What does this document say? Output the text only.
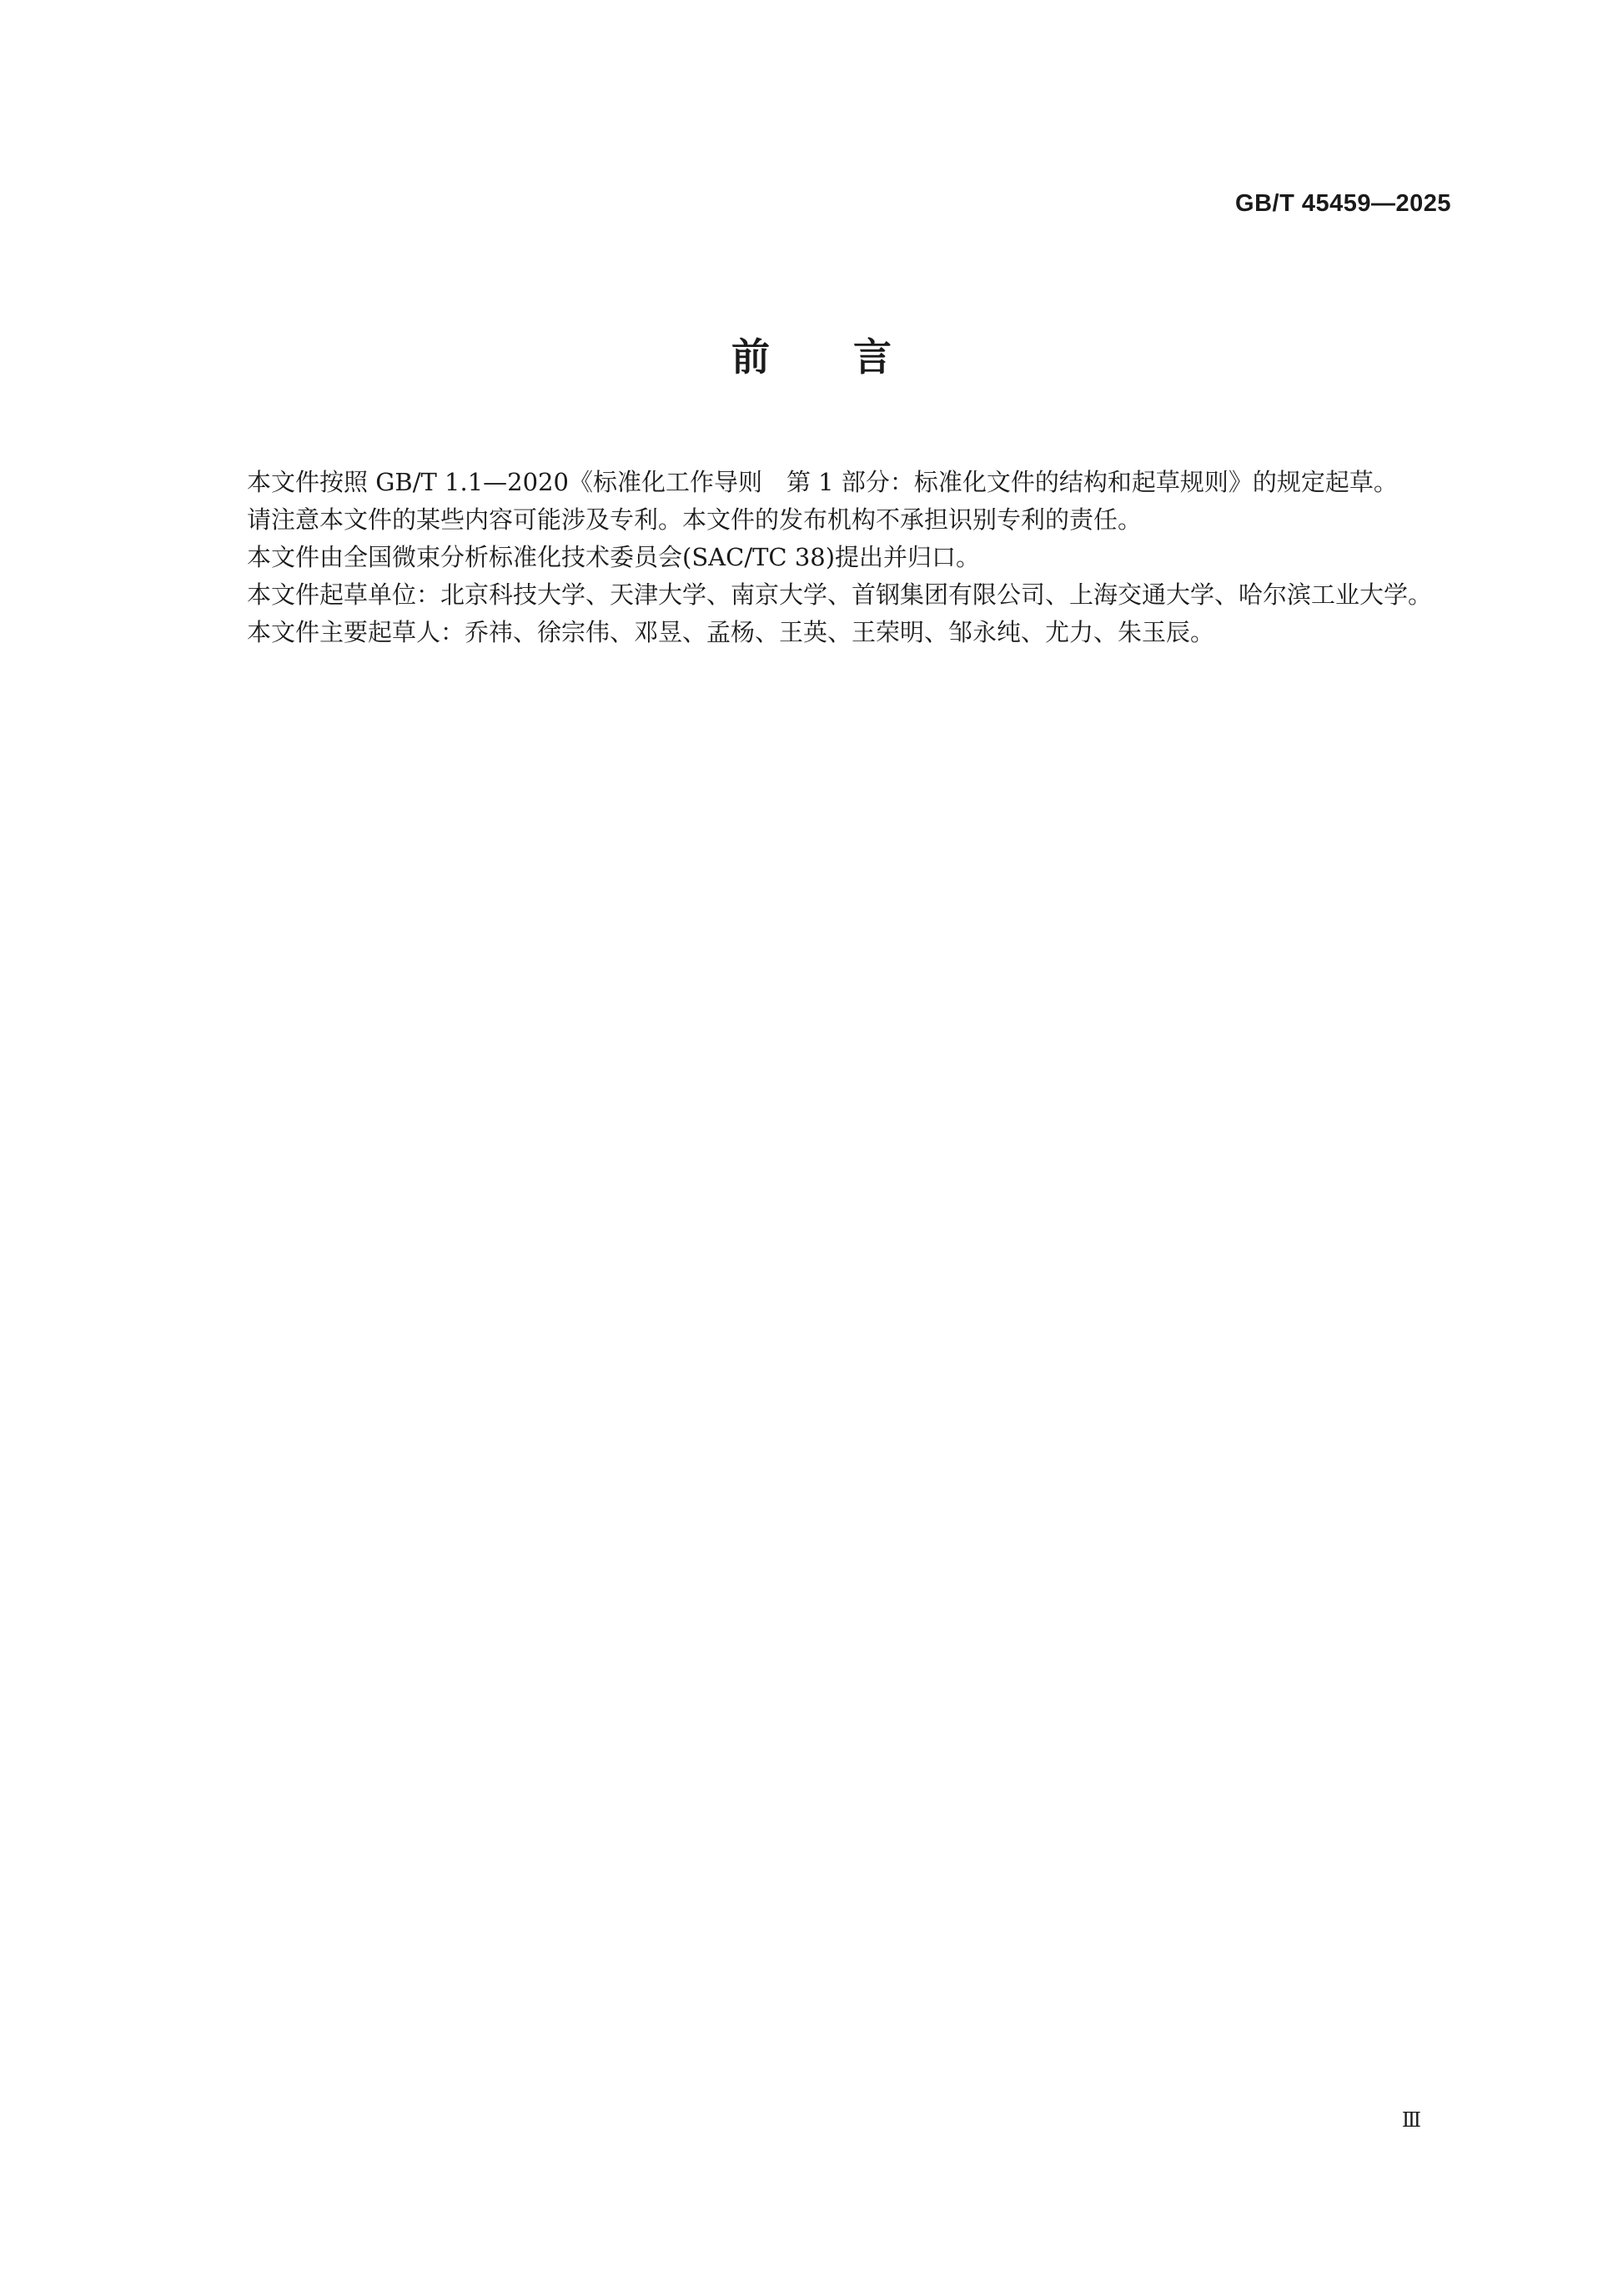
GB/T 45459—2025
前言

本文件按照 GB/T 1.1—2020《标准化工作导则　第 1 部分：标准化文件的结构和起草规则》的规定起草。

请注意本文件的某些内容可能涉及专利。本文件的发布机构不承担识别专利的责任。

本文件由全国微束分析标准化技术委员会(SAC/TC 38)提出并归口。

本文件起草单位：北京科技大学、天津大学、南京大学、首钢集团有限公司、上海交通大学、哈尔滨工业大学。

本文件主要起草人：乔祎、徐宗伟、邓昱、孟杨、王英、王荣明、邹永纯、尤力、朱玉辰。

Ⅲ
